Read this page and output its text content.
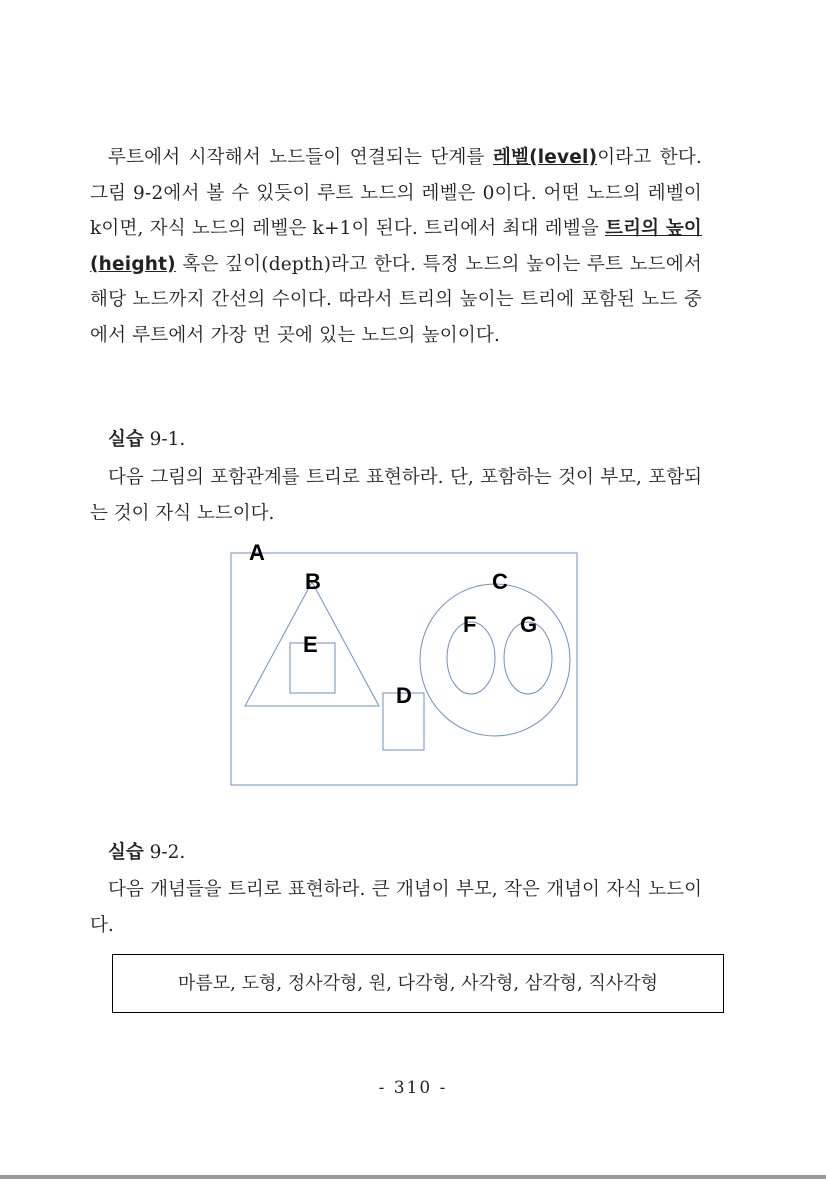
루트에서 시작해서 노드들이 연결되는 단계를 레벨(level)이라고 한다. 그림 9-2에서 볼 수 있듯이 루트 노드의 레벨은 0이다. 어떤 노드의 레벨이 k이면, 자식 노드의 레벨은 k+1이 된다. 트리에서 최대 레벨을 트리의 높이(height) 혹은 깊이(depth)라고 한다. 특정 노드의 높이는 루트 노드에서 해당 노드까지 간선의 수이다. 따라서 트리의 높이는 트리에 포함된 노드 중에서 루트에서 가장 먼 곳에 있는 노드의 높이이다.
실습 9-1.
다음 그림의 포함관계를 트리로 표현하라. 단, 포함하는 것이 부모, 포함되는 것이 자식 노드이다.
A
B	C
D
E
F G
실습 9-2.
다음 개념들을 트리로 표현하라. 큰 개념이 부모, 작은 개념이 자식 노드이다.
마름모, 도형, 정사각형, 원, 다각형, 사각형, 삼각형, 직사각형
- 310 -
